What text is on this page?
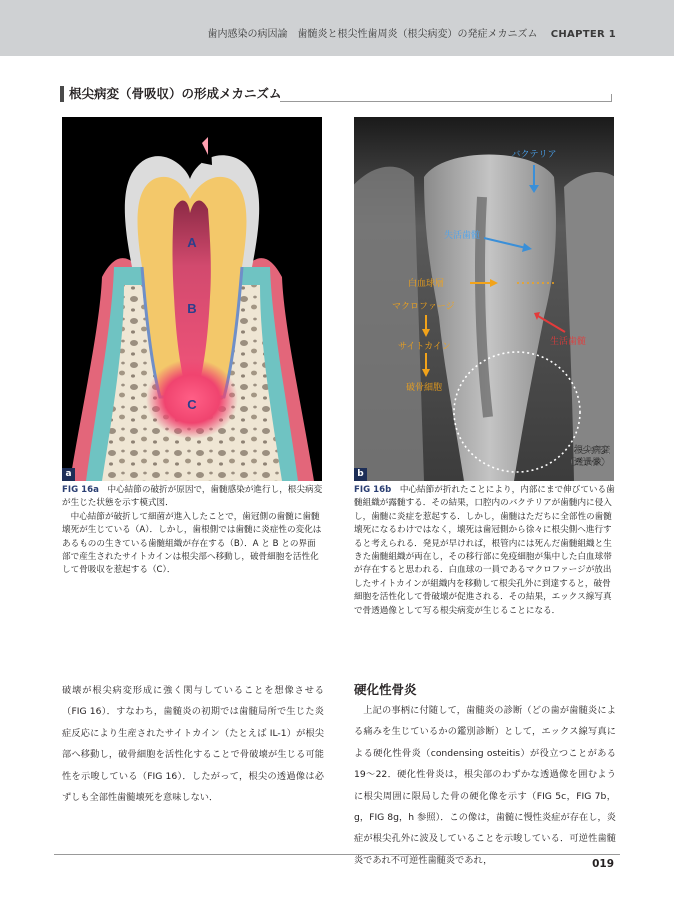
歯内感染の病因論　歯髄炎と根尖性歯周炎（根尖病変）の発症メカニズム CHAPTER 1
根尖病変（骨吸収）の形成メカニズム
A
B
C
a
バクテリア
失活歯髄
白血球層
マクロファージ
サイトカイン
破骨細胞
生活歯髄
根尖病変
（透過像）
b
FIG 16a　 中心結節の破折が原因で，歯髄感染が進行し，根尖病変が生じた状態を示す模式図．
中心結節が破折して細菌が進入したことで，歯冠側の歯髄に歯髄壊死が生じている（A）．しかし，歯根側では歯髄に炎症性の変化はあるものの生きている歯髄組織が存在する（B）．A と B との界面部で産生されたサイトカインは根尖部へ移動し，破骨細胞を活性化して骨吸収を惹起する（C）．
FIG 16b　 中心結節が折れたことにより，内部にまで伸びている歯髄組織が露髄する．その結果，口腔内のバクテリアが歯髄内に侵入し，歯髄に炎症を惹起する．しかし，歯髄はただちに全部性の歯髄壊死になるわけではなく，壊死は歯冠側から徐々に根尖側へ進行すると考えられる．発見が早ければ，根管内には死んだ歯髄組織と生きた歯髄組織が両在し，その移行部に免疫細胞が集中した白血球帯が存在すると思われる．白血球の一員であるマクロファージが放出したサイトカインが組織内を移動して根尖孔外に到達すると，破骨細胞を活性化して骨破壊が促進される．その結果，エックス線写真で骨透過像として写る根尖病変が生じることになる．
破壊が根尖病変形成に強く関与していることを想像させる（FIG 16）．すなわち，歯髄炎の初期では歯髄局所で生じた炎症反応により生産されたサイトカイン（たとえば IL-1）が根尖部へ移動し，破骨細胞を活性化することで骨破壊が生じる可能性を示唆している（FIG 16）．したがって，根尖の透過像は必ずしも全部性歯髄壊死を意味しない．
硬化性骨炎
上記の事柄に付随して，歯髄炎の診断（どの歯が歯髄炎による痛みを生じているかの鑑別診断）として，エックス線写真による硬化性骨炎（condensing osteitis）が役立つことがある19〜22．硬化性骨炎は，根尖部のわずかな透過像を囲むように根尖周囲に限局した骨の硬化像を示す（FIG 5c，FIG 7b，g，FIG 8g，h 参照）．この像は，歯髄に慢性炎症が存在し，炎症が根尖孔外に波及していることを示唆している．可逆性歯髄炎であれ不可逆性歯髄炎であれ，	019
